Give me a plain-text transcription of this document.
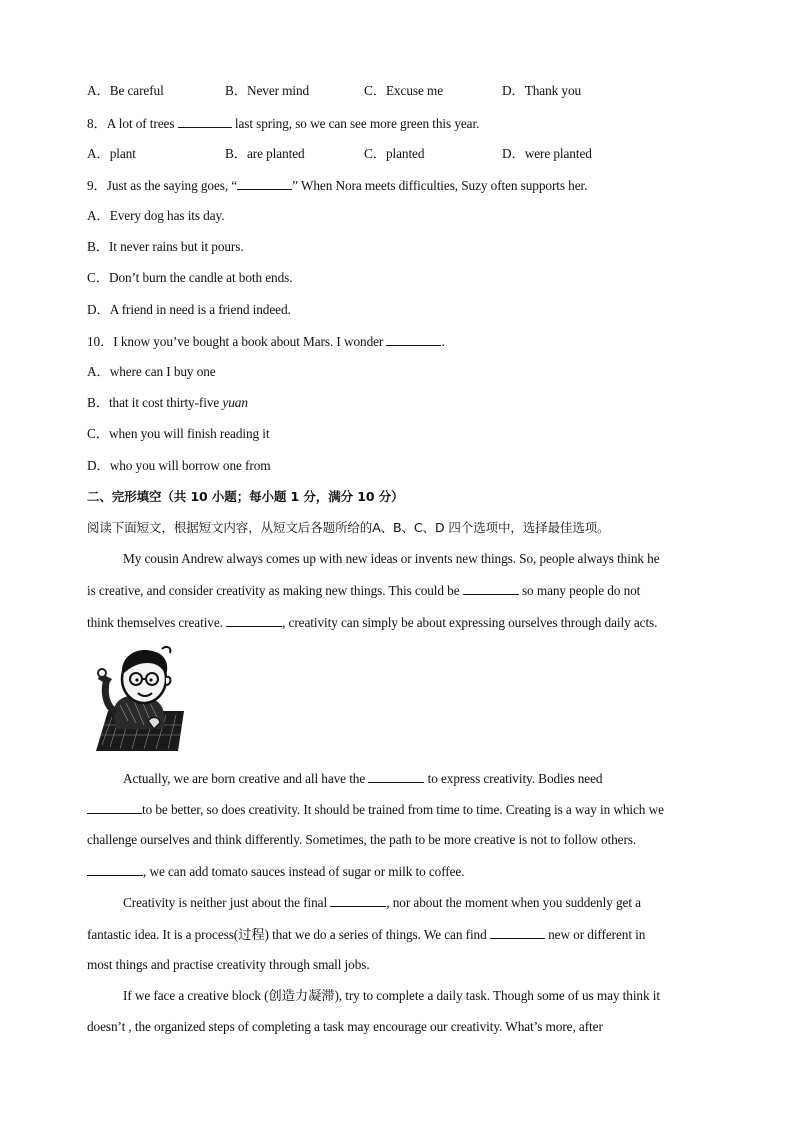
A．Be careful	B．Never mind	C．Excuse me	D．Thank you
8．A lot of trees	last spring, so we can see more green this year.
A．plant	B．are planted	C．planted	D．were planted
9．Just as the saying goes, “	” When Nora meets difficulties, Suzy often supports her.
A．Every dog has its day.
B．It never rains but it pours.
C．Don’t burn the candle at both ends.
D．A friend in need is a friend indeed.
10．I know you’ve bought a book about Mars. I wonder	.
A．where can I buy one
B．that it cost thirty-five yuan
C．when you will finish reading it
D．who you will borrow one from
二、完形填空（共 10 小题；每小题 1 分，满分 10 分）
阅读下面短文，根据短文内容，从短文后各题所给的A、B、C、D 四个选项中，选择最佳选项。
My cousin Andrew always comes up with new ideas or invents new things. So, people always think he
is creative, and consider creativity as making new things. This could be	so many people do not
think themselves creative.	, creativity can simply be about expressing ourselves through daily acts.
Actually, we are born creative and all have the	to express creativity. Bodies need
to be better, so does creativity. It should be trained from time to time. Creating is a way in which we
challenge ourselves and think differently. Sometimes, the path to be more creative is not to follow others.
, we can add tomato sauces instead of sugar or milk to coffee.
Creativity is neither just about the final	, nor about the moment when you suddenly get a
fantastic idea. It is a process(过程) that we do a series of things. We can find	new or different in
most things and practise creativity through small jobs.
If we face a creative block (创造力凝滞), try to complete a daily task. Though some of us may think it
doesn’t , the organized steps of completing a task may encourage our creativity. What’s more, after
